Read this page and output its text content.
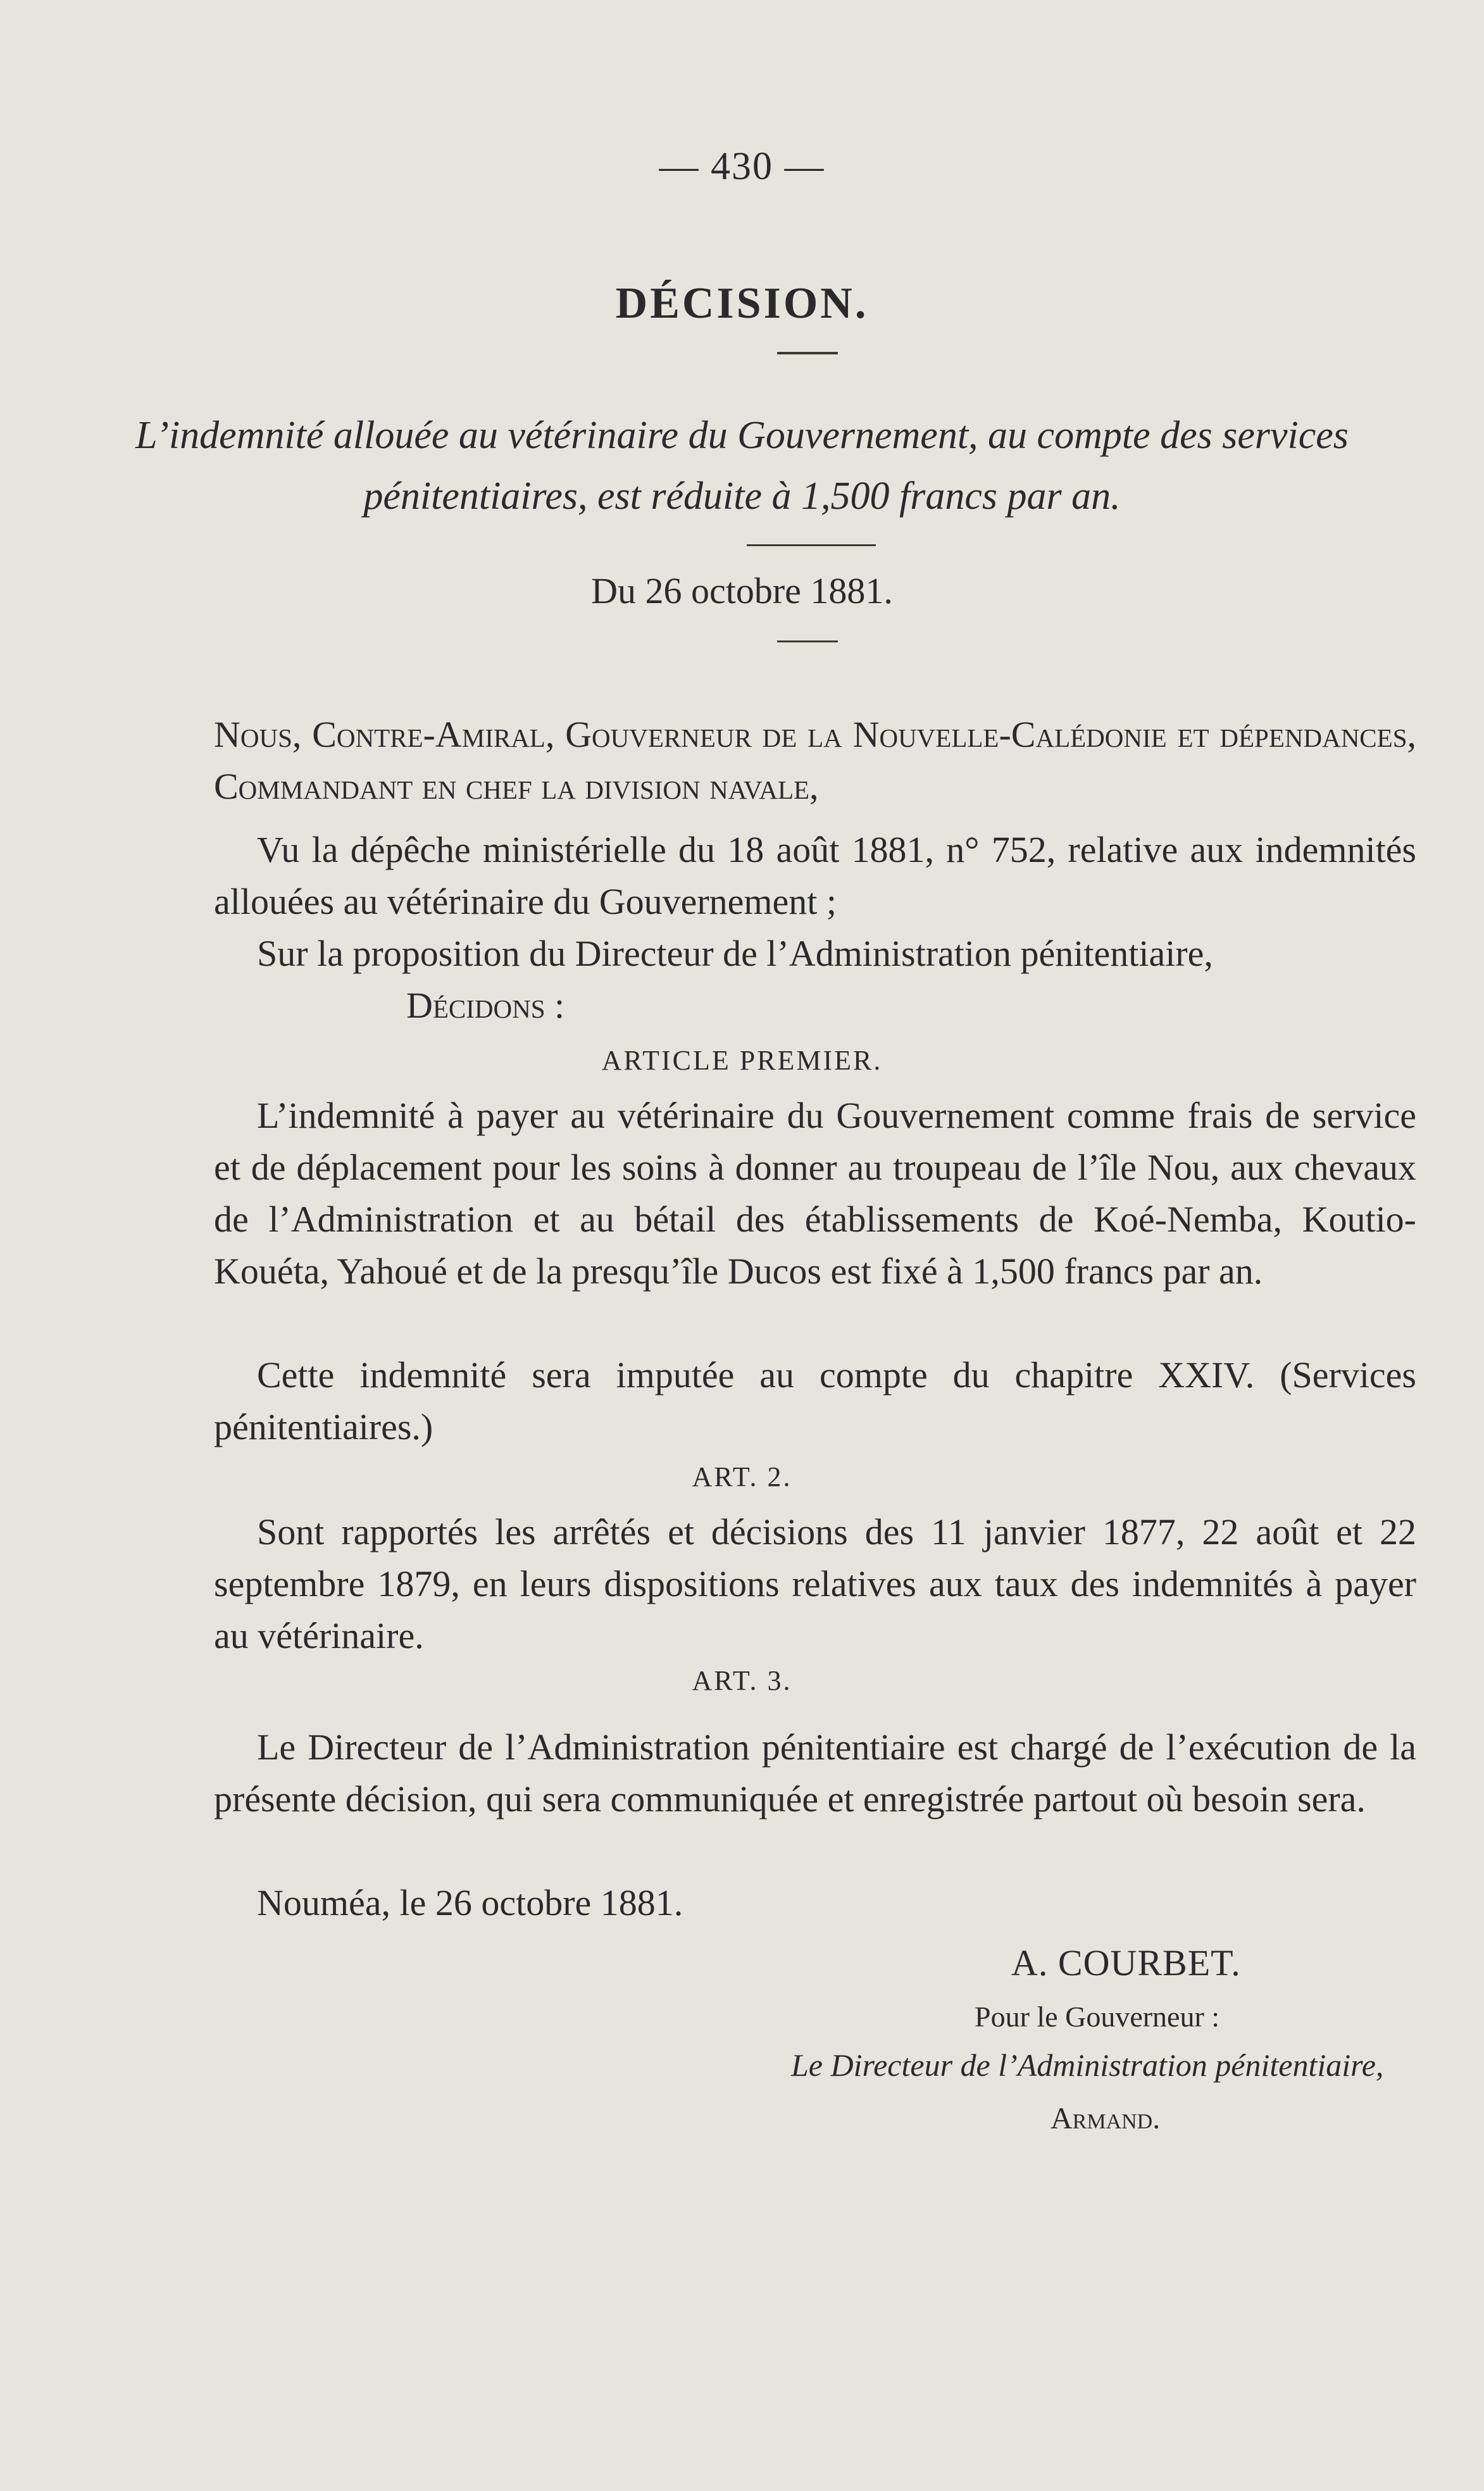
— 430 —
DÉCISION.
L’indemnité allouée au vétérinaire du Gouvernement, au compte des services
pénitentiaires, est réduite à 1,500 francs par an.
Du 26 octobre 1881.
Nous, Contre-Amiral, Gouverneur de la Nouvelle-Calédonie et dépendances, Commandant en chef la division navale,
Vu la dépêche ministérielle du 18 août 1881, n° 752, relative aux indemnités allouées au vétérinaire du Gouvernement ;
Sur la proposition du Directeur de l’Administration pénitentiaire,
Décidons :
ARTICLE PREMIER.
L’indemnité à payer au vétérinaire du Gouvernement comme frais de service et de déplacement pour les soins à donner au troupeau de l’île Nou, aux chevaux de l’Administration et au bétail des établissements de Koé-Nemba, Koutio-Kouéta, Yahoué et de la presqu’île Ducos est fixé à 1,500 francs par an.
Cette indemnité sera imputée au compte du chapitre XXIV. (Services pénitentiaires.)
ART. 2.
Sont rapportés les arrêtés et décisions des 11 janvier 1877, 22 août et 22 septembre 1879, en leurs dispositions relatives aux taux des indemnités à payer au vétérinaire.
ART. 3.
Le Directeur de l’Administration pénitentiaire est chargé de l’exécution de la présente décision, qui sera communiquée et enregistrée partout où besoin sera.
Nouméa, le 26 octobre 1881.
A. COURBET.
Pour le Gouverneur :
Le Directeur de l’Administration pénitentiaire,
Armand.
